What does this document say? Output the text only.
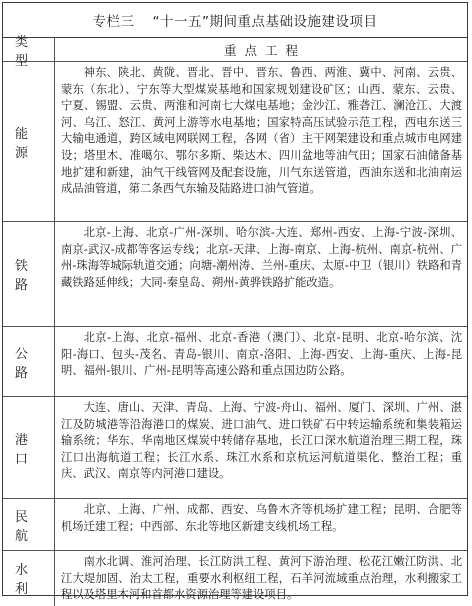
专栏三 “十一五”期间重点基础设施建设项目
类 型
重点工程
能源
神东、陕北、黄陇、晋北、晋中、晋东、鲁西、两淮、冀中、河南、云贵、蒙东（东北）、宁东等大型煤炭基地和国家规划建设矿区；山西、蒙东、云贵、宁夏、锡盟、云贵、两淮和河南七大煤电基地；金沙江、雅砻江、澜沧江、大渡河、乌江、怒江、黄河上游等水电基地；国家特高压试验示范工程，西电东送三大输电通道，跨区域电网联网工程，各网（省）主干网架建设和重点城市电网建设；塔里木、准噶尔、鄂尔多斯、柴达木、四川盆地等油气田；国家石油储备基地扩建和新建，油气干线管网及配套设施，川气东送管道，西油东送和北油南运成品油管道，第二条西气东输及陆路进口油气管道。
铁路
北京-上海、北京-广州-深圳、哈尔滨-大连、郑州-西安、上海-宁波-深圳、南京-武汉-成都等客运专线；北京-天津、上海-南京、上海-杭州、南京-杭州、广州-珠海等城际轨道交通；向塘-潮州涛、兰州-重庆、太原-中卫（银川）铁路和青藏铁路延伸线；大同-秦皇岛、朔州-黄骅铁路扩能改造。
公路
北京-上海、北京-福州、北京-香港（澳门）、北京-昆明、北京-哈尔滨、沈阳-海口、包头-茂名、青岛-银川、南京-洛阳、上海-西安、上海-重庆、上海-昆明、福州-银川、广州-昆明等高速公路和重点国边防公路。
港口
大连、唐山、天津、青岛、上海、宁波-舟山、福州、厦门、深圳、广州、湛江及防城港等沿海港口的煤炭、进口油气、进口铁矿石中转运输系统和集装箱运输系统；华东、华南地区煤炭中转储存基地，长江口深水航道治理三期工程，珠江口出海航道工程；长江水系、珠江水系和京杭运河航道渠化、整治工程；重庆、武汉、南京等内河港口建设。
民航
北京、上海、广州、成都、西安、乌鲁木齐等机场扩建工程；昆明、合肥等机场迁建工程；中西部、东北等地区新建支线机场工程。
水利
南水北调、淮河治理、长江防洪工程、黄河下游治理、松花江嫩江防洪、北江大堤加固、治太工程，重要水利枢纽工程，石羊河流域重点治理，水利搬家工程以及塔里木河和首都水资源治理等建设项目。
